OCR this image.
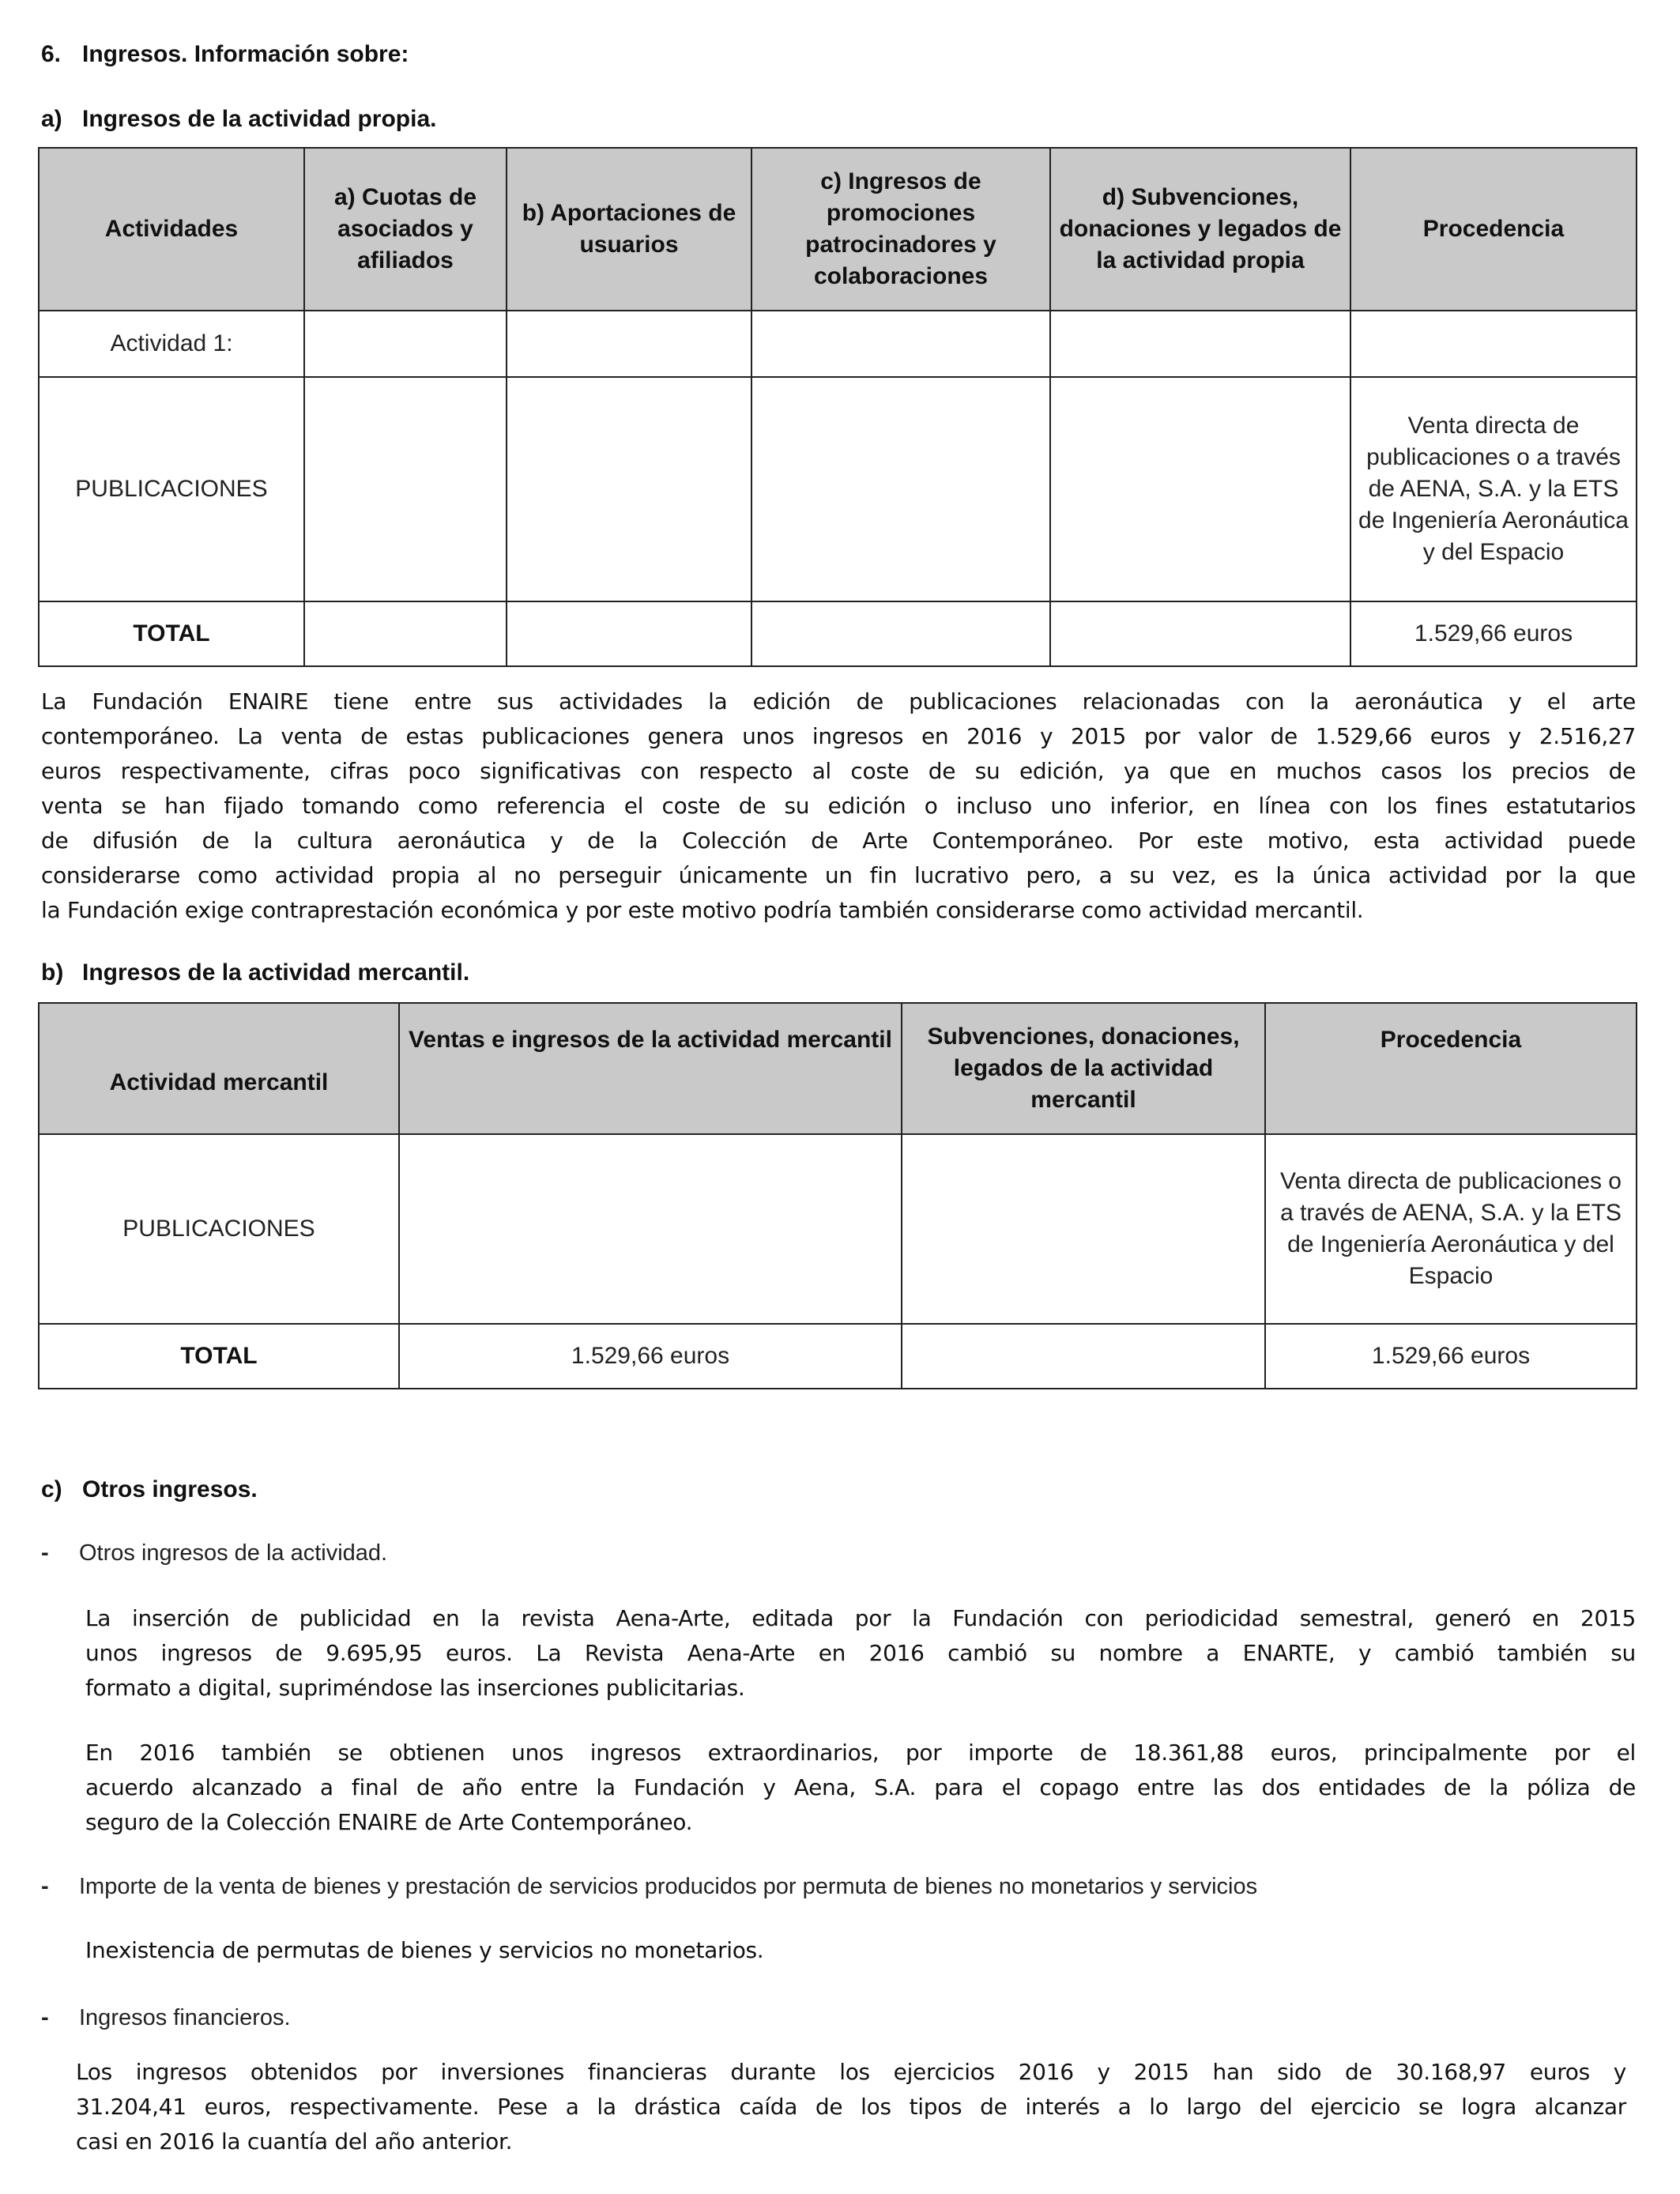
6. Ingresos. Información sobre:
a) Ingresos de la actividad propia.
Actividades	a) Cuotas de asociados y afiliados	b) Aportaciones de usuarios	c) Ingresos de promociones patrocinadores y colaboraciones	d) Subvenciones, donaciones y legados de la actividad propia	Procedencia
Actividad 1:					
PUBLICACIONES					Venta directa de publicaciones o a través de AENA, S.A. y la ETS de Ingeniería Aeronáutica y del Espacio
TOTAL					1.529,66 euros
La Fundación ENAIRE tiene entre sus actividades la edición de publicaciones relacionadas con la aeronáutica y el arte
contemporáneo. La venta de estas publicaciones genera unos ingresos en 2016 y 2015 por valor de 1.529,66 euros y 2.516,27
euros respectivamente, cifras poco significativas con respecto al coste de su edición, ya que en muchos casos los precios de
venta se han fijado tomando como referencia el coste de su edición o incluso uno inferior, en línea con los fines estatutarios
de difusión de la cultura aeronáutica y de la Colección de Arte Contemporáneo. Por este motivo, esta actividad puede
considerarse como actividad propia al no perseguir únicamente un fin lucrativo pero, a su vez, es la única actividad por la que
la Fundación exige contraprestación económica y por este motivo podría también considerarse como actividad mercantil.
b) Ingresos de la actividad mercantil.
Actividad mercantil	Ventas e ingresos de la actividad mercantil	Subvenciones, donaciones, legados de la actividad mercantil	Procedencia
PUBLICACIONES			Venta directa de publicaciones o a través de AENA, S.A. y la ETS de Ingeniería Aeronáutica y del Espacio
TOTAL	1.529,66 euros		1.529,66 euros
c) Otros ingresos.
- Otros ingresos de la actividad.
La inserción de publicidad en la revista Aena-Arte, editada por la Fundación con periodicidad semestral, generó en 2015
unos ingresos de 9.695,95 euros. La Revista Aena-Arte en 2016 cambió su nombre a ENARTE, y cambió también su
formato a digital, supriméndose las inserciones publicitarias.
En 2016 también se obtienen unos ingresos extraordinarios, por importe de 18.361,88 euros, principalmente por el
acuerdo alcanzado a final de año entre la Fundación y Aena, S.A. para el copago entre las dos entidades de la póliza de
seguro de la Colección ENAIRE de Arte Contemporáneo.
- Importe de la venta de bienes y prestación de servicios producidos por permuta de bienes no monetarios y servicios
Inexistencia de permutas de bienes y servicios no monetarios.
- Ingresos financieros.
Los ingresos obtenidos por inversiones financieras durante los ejercicios 2016 y 2015 han sido de 30.168,97 euros y
31.204,41 euros, respectivamente. Pese a la drástica caída de los tipos de interés a lo largo del ejercicio se logra alcanzar
casi en 2016 la cuantía del año anterior.
